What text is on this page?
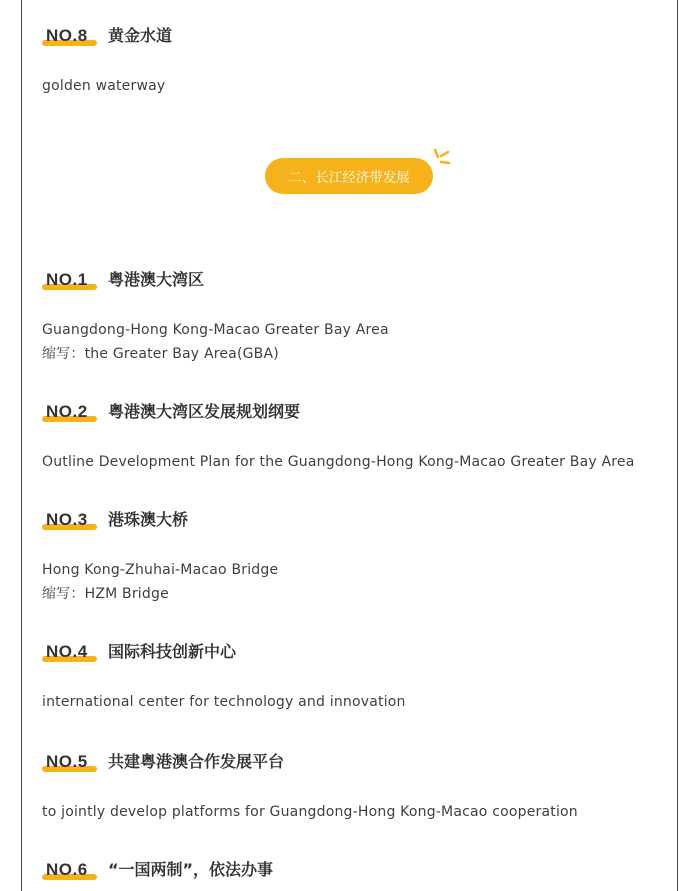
NO.8 黄金水道
golden waterway
二、长江经济带发展
NO.1 粤港澳大湾区
Guangdong-Hong Kong-Macao Greater Bay Area
缩写：the Greater Bay Area(GBA)
NO.2 粤港澳大湾区发展规划纲要
Outline Development Plan for the Guangdong-Hong Kong-Macao Greater Bay Area
NO.3 港珠澳大桥
Hong Kong-Zhuhai-Macao Bridge
缩写：HZM Bridge
NO.4 国际科技创新中心
international center for technology and innovation
NO.5 共建粤港澳合作发展平台
to jointly develop platforms for Guangdong-Hong Kong-Macao cooperation
NO.6 “一国两制”，依法办事
